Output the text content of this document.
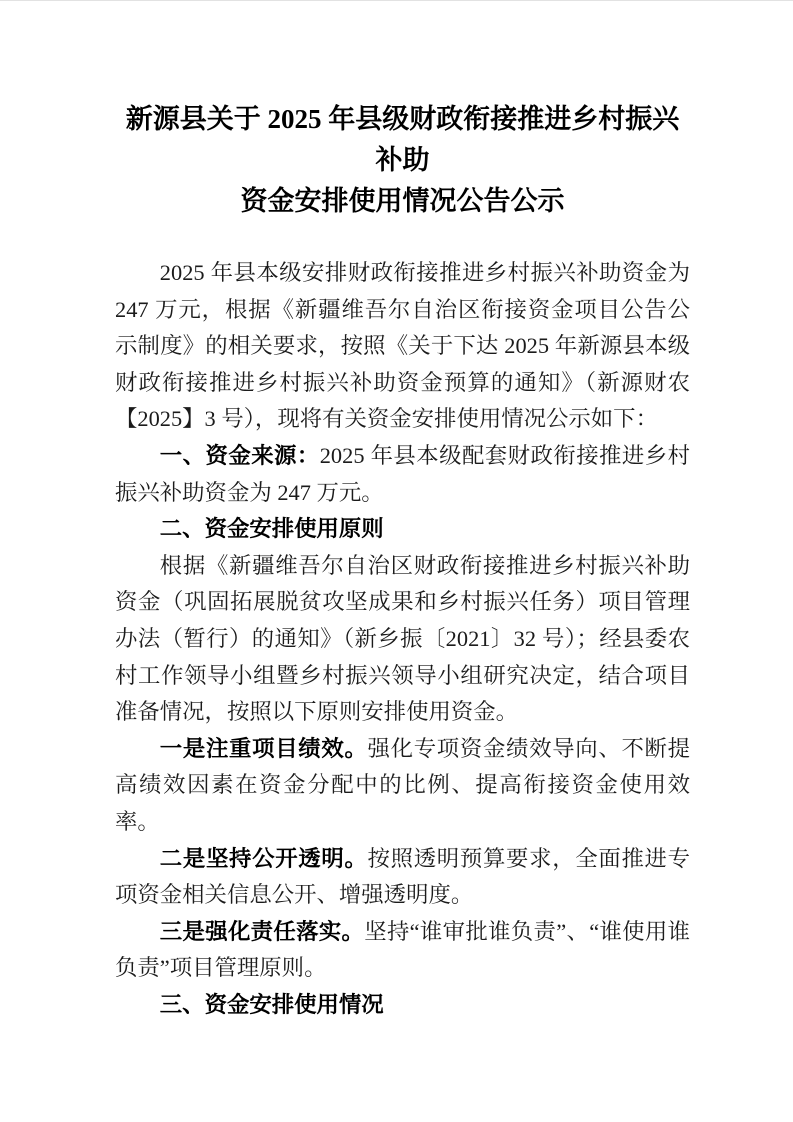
新源县关于 2025 年县级财政衔接推进乡村振兴补助
资金安排使用情况公告公示

2025 年县本级安排财政衔接推进乡村振兴补助资金为 247 万元，根据《新疆维吾尔自治区衔接资金项目公告公示制度》的相关要求，按照《关于下达 2025 年新源县本级财政衔接推进乡村振兴补助资金预算的通知》（新源财农【2025】3 号），现将有关资金安排使用情况公示如下：

一、资金来源：2025 年县本级配套财政衔接推进乡村振兴补助资金为 247 万元。

二、资金安排使用原则

根据《新疆维吾尔自治区财政衔接推进乡村振兴补助资金（巩固拓展脱贫攻坚成果和乡村振兴任务）项目管理办法（暂行）的通知》（新乡振〔2021〕32 号）；经县委农村工作领导小组暨乡村振兴领导小组研究决定，结合项目准备情况，按照以下原则安排使用资金。

一是注重项目绩效。强化专项资金绩效导向、不断提高绩效因素在资金分配中的比例、提高衔接资金使用效率。

二是坚持公开透明。按照透明预算要求，全面推进专项资金相关信息公开、增强透明度。

三是强化责任落实。坚持“谁审批谁负责”、“谁使用谁负责”项目管理原则。

三、资金安排使用情况
